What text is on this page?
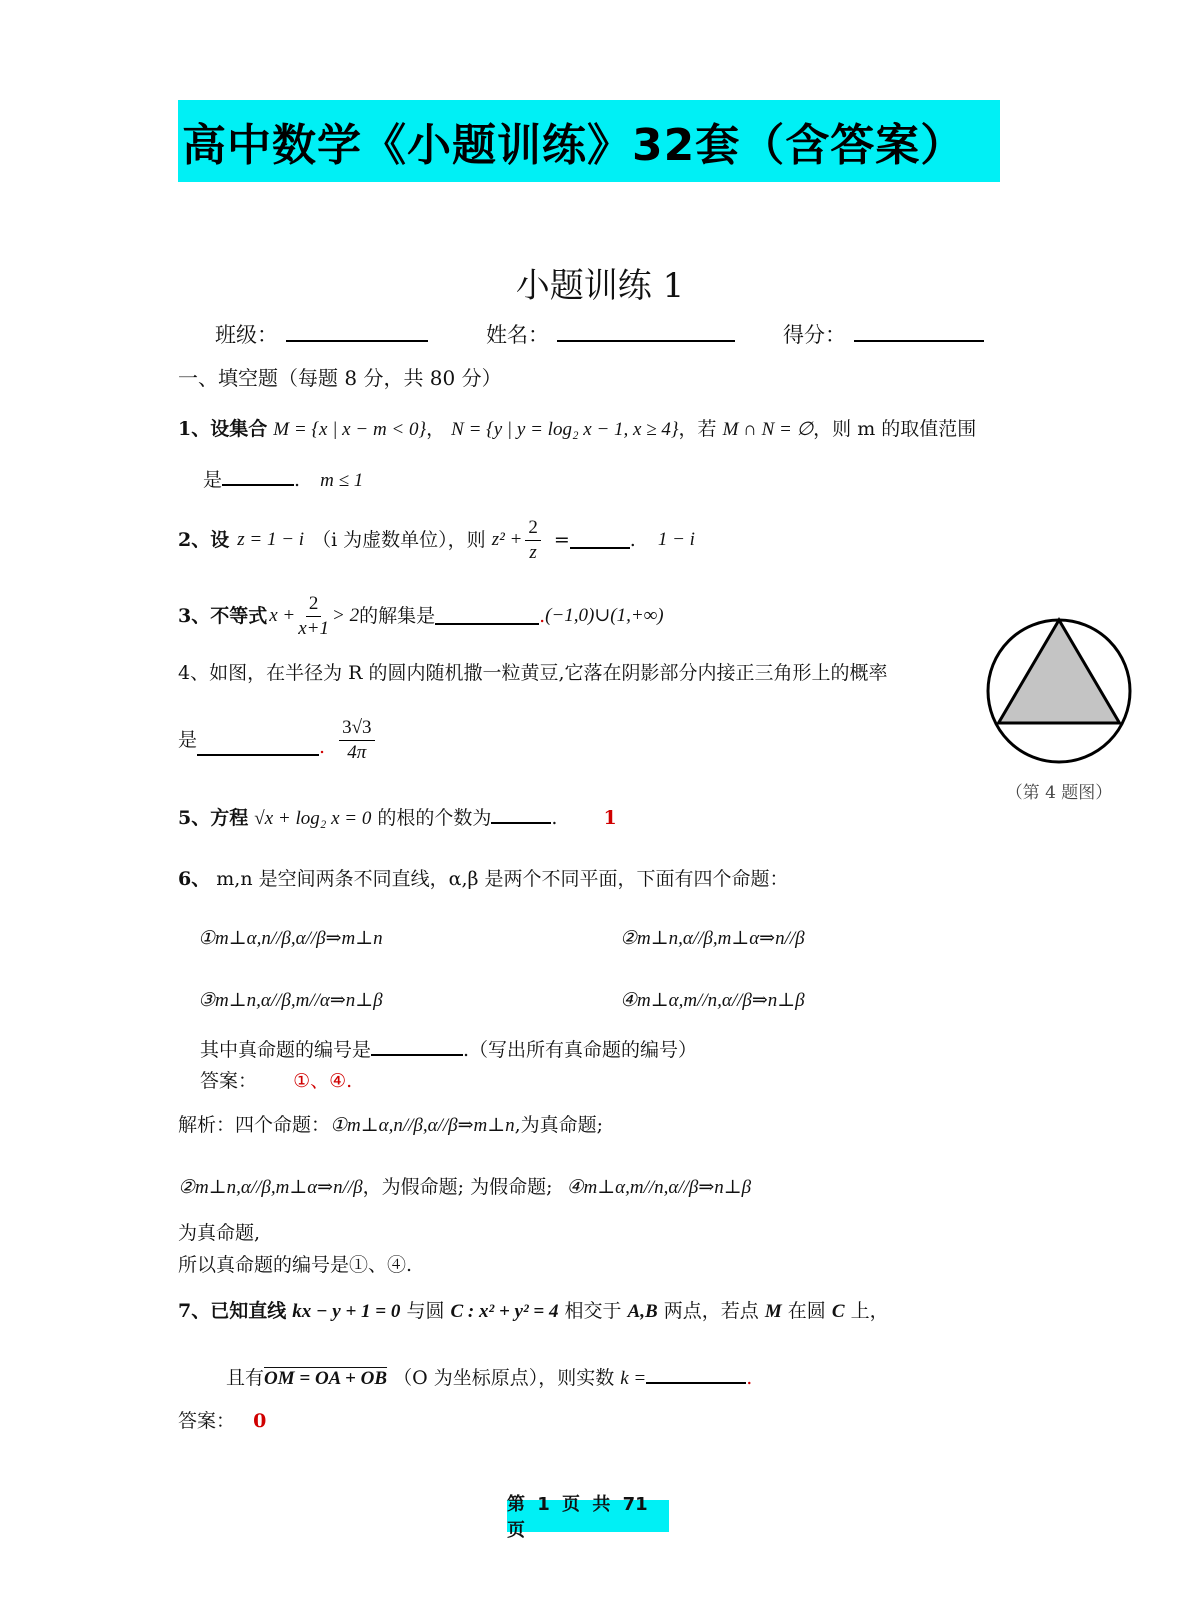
高中数学《小题训练》32套（含答案）
小题训练 1
班级：	姓名：	得分：
一、填空题（每题 8 分，共 80 分）
1、设集合 M = {x | x − m < 0}， N = {y | y = log₂ x − 1, x ≥ 4}，若 M ∩ N = ∅，则 m 的取值范围
是	. m ≤ 1
2、设 z = 1 − i （i 为虚数单位），则 $z^2 + \frac{2}{z}$ =	. 1 − i
3、不等式 $x + \frac{2}{x+1} > 2$ 的解集是	. (−1,0)∪(1,+∞)
4、如图，在半径为 R 的圆内随机撒一粒黄豆,它落在阴影部分内接正三角形上的概率
是	. $\frac{3√3}{4\pi}$
（第 4 题图）
5、方程 √x + log₂ x = 0 的根的个数为	. 1
6、 m,n 是空间两条不同直线，α,β 是两个不同平面，下面有四个命题：
①m⊥α,n//β,α//β⇒m⊥n	②m⊥n,α//β,m⊥α⇒n//β
③m⊥n,α//β,m//α⇒n⊥β	④m⊥α,m//n,α//β⇒n⊥β
其中真命题的编号是	.（写出所有真命题的编号）
答案： ①、④.
解析：四个命题：①m⊥α,n//β,α//β⇒m⊥n,为真命题;
②m⊥n,α//β,m⊥α⇒n//β，为假命题; 为假命题; ④m⊥α,m//n,α//β⇒n⊥β
为真命题,
所以真命题的编号是①、④.
7、已知直线 kx − y + 1 = 0 与圆 C : x² + y² = 4 相交于 A,B 两点，若点 M 在圆 C 上，
且有OM = OA + OB （O 为坐标原点），则实数 k =	.
答案： 0
第 1 页 共 71 页
